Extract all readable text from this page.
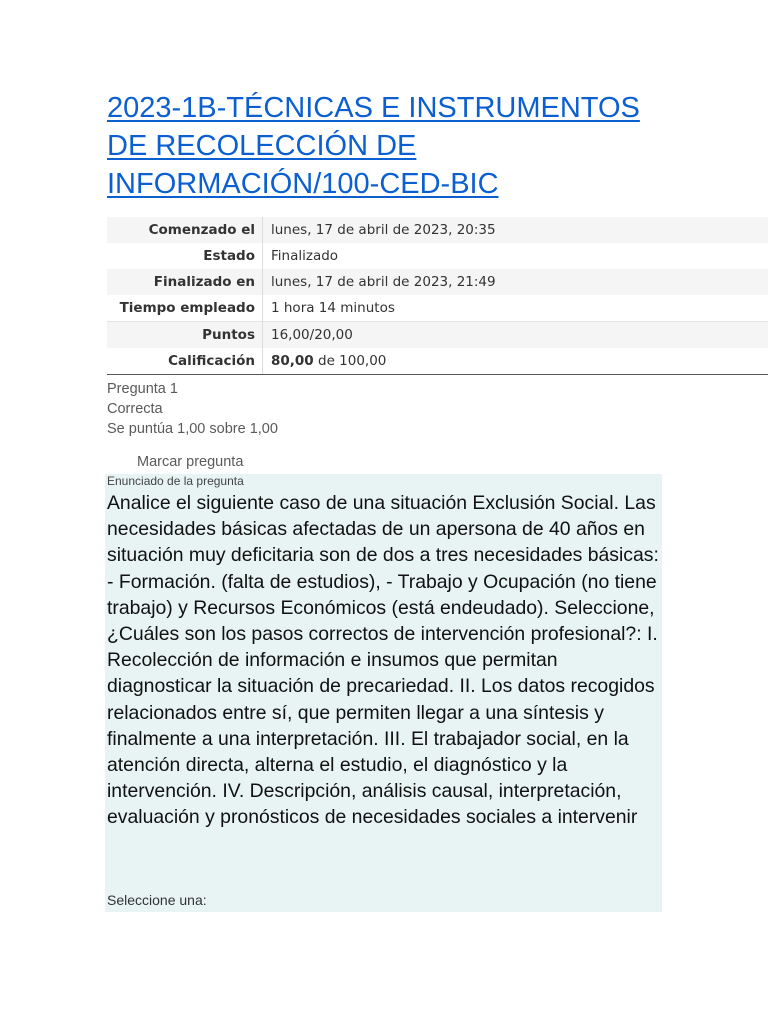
2023-1B-TÉCNICAS E INSTRUMENTOS DE RECOLECCIÓN DE INFORMACIÓN/100-CED-BIC
Comenzado el	lunes, 17 de abril de 2023, 20:35
Estado	Finalizado
Finalizado en	lunes, 17 de abril de 2023, 21:49
Tiempo empleado	1 hora 14 minutos
Puntos	16,00/20,00
Calificación	80,00 de 100,00
Pregunta 1
Correcta
Se puntúa 1,00 sobre 1,00
Marcar pregunta
Enunciado de la pregunta
Analice el siguiente caso de una situación Exclusión Social. Las necesidades básicas afectadas de un apersona de 40 años en situación muy deficitaria son de dos a tres necesidades básicas: - Formación. (falta de estudios), - Trabajo y Ocupación (no tiene trabajo) y Recursos Económicos (está endeudado). Seleccione, ¿Cuáles son los pasos correctos de intervención profesional?: I. Recolección de información e insumos que permitan diagnosticar la situación de precariedad. II. Los datos recogidos relacionados entre sí, que permiten llegar a una síntesis y finalmente a una interpretación. III. El trabajador social, en la atención directa, alterna el estudio, el diagnóstico y la intervención. IV. Descripción, análisis causal, interpretación, evaluación y pronósticos de necesidades sociales a intervenir
Seleccione una:
